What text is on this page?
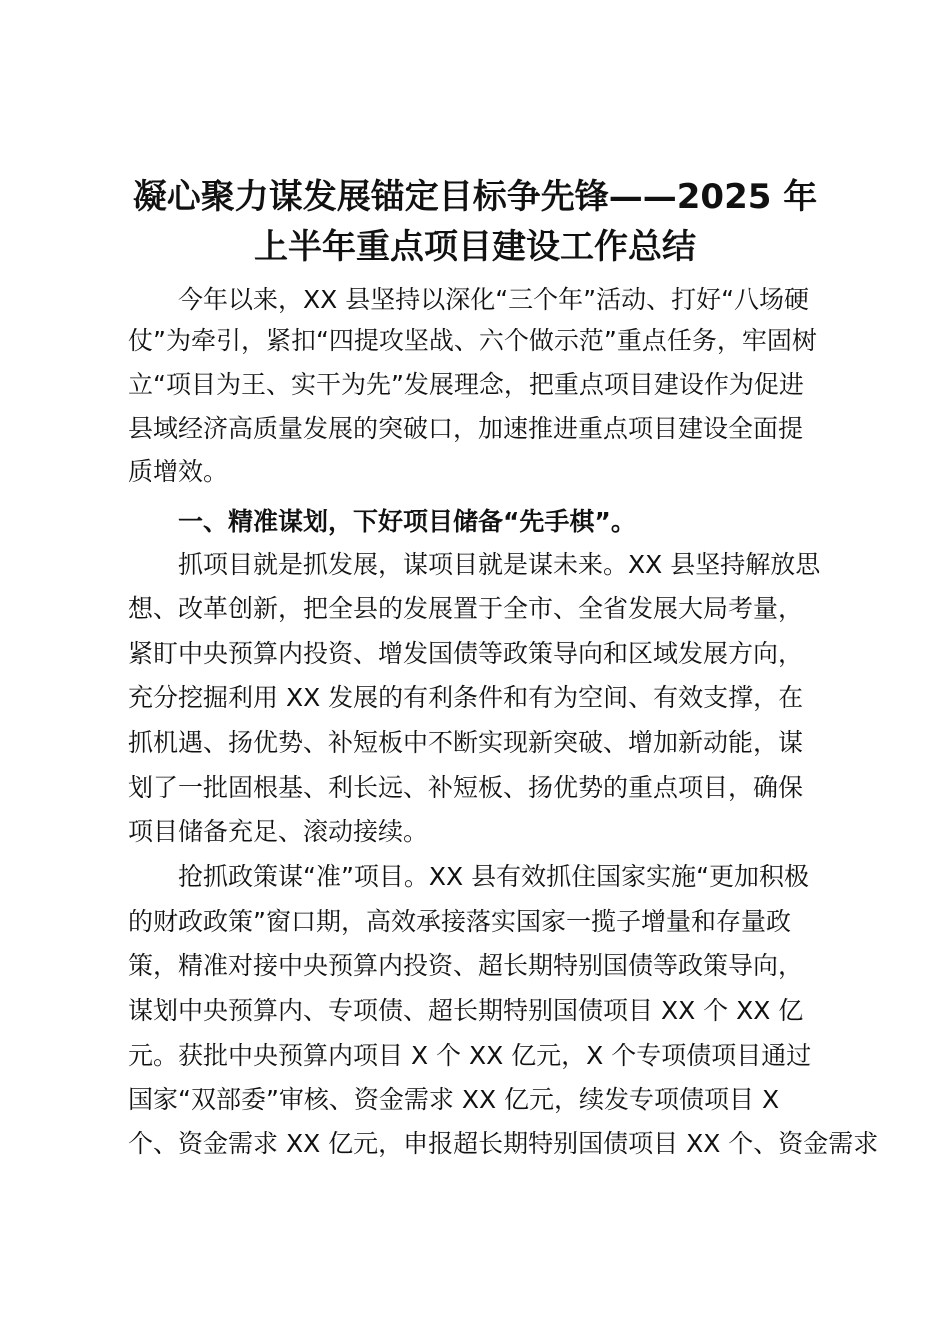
凝心聚力谋发展锚定目标争先锋——2025 年
上半年重点项目建设工作总结
今年以来，XX 县坚持以深化“三个年”活动、打好“八场硬
仗”为牵引，紧扣“四提攻坚战、六个做示范”重点任务，牢固树
立“项目为王、实干为先”发展理念，把重点项目建设作为促进
县域经济高质量发展的突破口，加速推进重点项目建设全面提
质增效。
一、精准谋划，下好项目储备“先手棋”。
抓项目就是抓发展，谋项目就是谋未来。XX 县坚持解放思
想、改革创新，把全县的发展置于全市、全省发展大局考量，
紧盯中央预算内投资、增发国债等政策导向和区域发展方向，
充分挖掘利用 XX 发展的有利条件和有为空间、有效支撑，在
抓机遇、扬优势、补短板中不断实现新突破、增加新动能，谋
划了一批固根基、利长远、补短板、扬优势的重点项目，确保
项目储备充足、滚动接续。
抢抓政策谋“准”项目。XX 县有效抓住国家实施“更加积极
的财政政策”窗口期，高效承接落实国家一揽子增量和存量政
策，精准对接中央预算内投资、超长期特别国债等政策导向，
谋划中央预算内、专项债、超长期特别国债项目 XX 个 XX 亿
元。获批中央预算内项目 X 个 XX 亿元，X 个专项债项目通过
国家“双部委”审核、资金需求 XX 亿元，续发专项债项目 X
个、资金需求 XX 亿元，申报超长期特别国债项目 XX 个、资金需求
